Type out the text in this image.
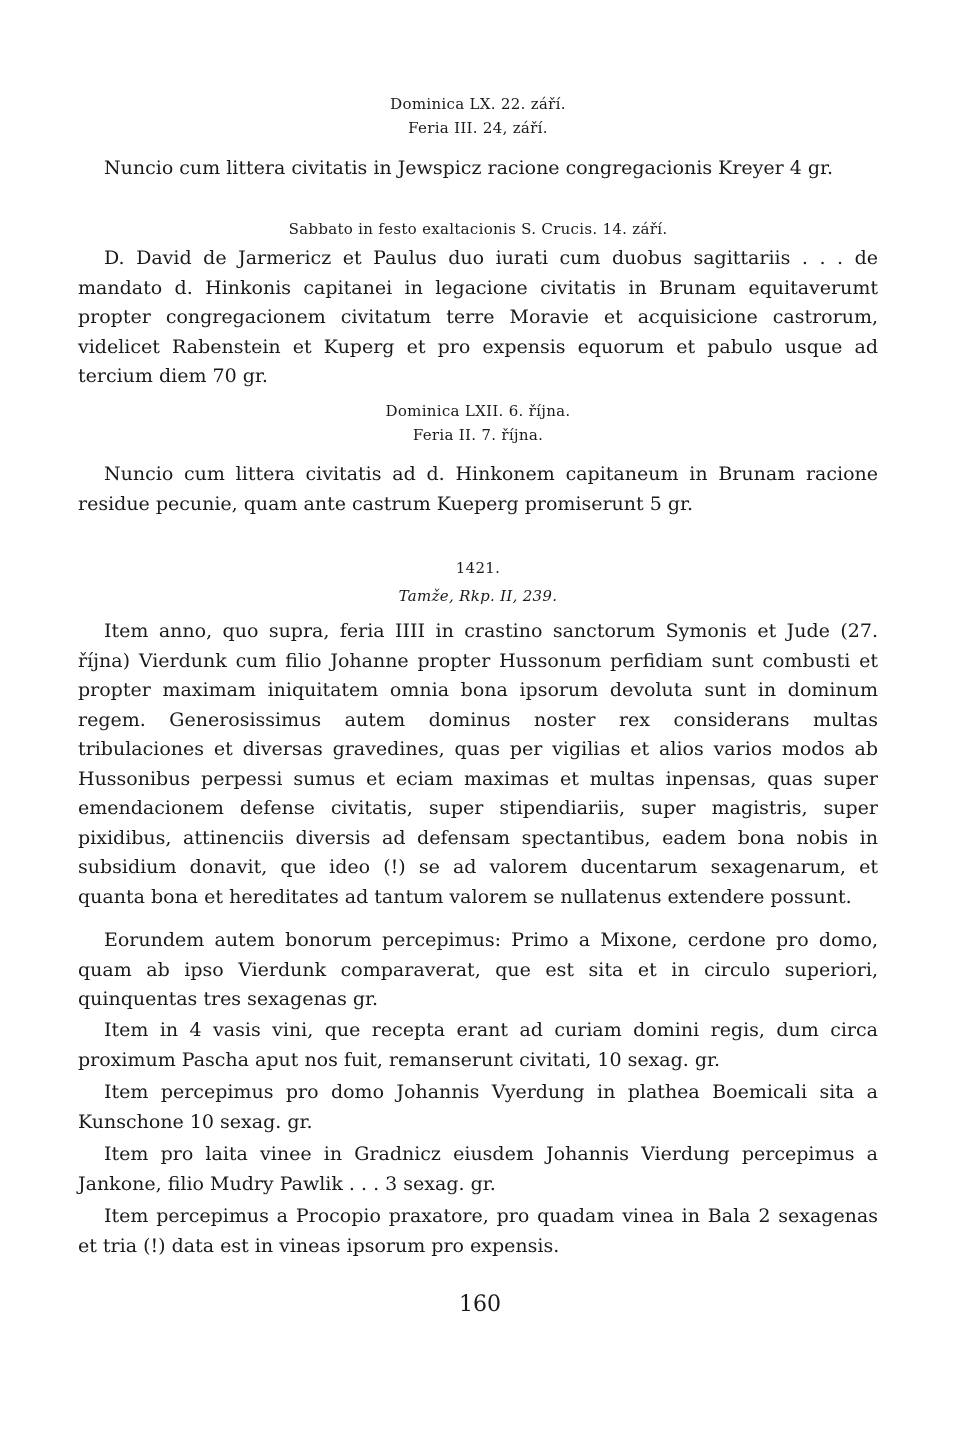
Dominica LX. 22. září.

Feria III. 24, září.

Nuncio cum littera civitatis in Jewspicz racione congregacionis Kreyer 4 gr.

Sabbato in festo exaltacionis S. Crucis. 14. září.

D. David de Jarmericz et Paulus duo iurati cum duobus sagittariis . . . de mandato d. Hinkonis capitanei in legacione civitatis in Brunam equitaverumt propter congregacionem civitatum terre Moravie et acquisicione castrorum, videlicet Rabenstein et Kuperg et pro expensis equorum et pabulo usque ad tercium diem 70 gr.

Dominica LXII. 6. října.

Feria II. 7. října.

Nuncio cum littera civitatis ad d. Hinkonem capitaneum in Brunam racione residue pecunie, quam ante castrum Kueperg promiserunt 5 gr.

1421.

Tamže, Rkp. II, 239.

Item anno, quo supra, feria IIII in crastino sanctorum Symonis et Jude (27. října) Vierdunk cum filio Johanne propter Hussonum perfidiam sunt combusti et propter maximam iniquitatem omnia bona ipsorum devoluta sunt in dominum regem. Generosissimus autem dominus noster rex considerans multas tribulaciones et diversas gravedines, quas per vigilias et alios varios modos ab Hussonibus perpessi sumus et eciam maximas et multas inpensas, quas super emendacionem defense civitatis, super stipendiariis, super magistris, super pixidibus, attinenciis diversis ad defensam spectantibus, eadem bona nobis in subsidium donavit, que ideo (!) se ad valorem ducentarum sexagenarum, et quanta bona et hereditates ad tantum valorem se nullatenus extendere possunt.

Eorundem autem bonorum percepimus: Primo a Mixone, cerdone pro domo, quam ab ipso Vierdunk comparaverat, que est sita et in circulo superiori, quinquentas tres sexagenas gr.

Item in 4 vasis vini, que recepta erant ad curiam domini regis, dum circa proximum Pascha aput nos fuit, remanserunt civitati, 10 sexag. gr.

Item percepimus pro domo Johannis Vyerdung in plathea Boemicali sita a Kunschone 10 sexag. gr.

Item pro laita vinee in Gradnicz eiusdem Johannis Vierdung percepimus a Jankone, filio Mudry Pawlik . . . 3 sexag. gr.

Item percepimus a Procopio praxatore, pro quadam vinea in Bala 2 sexagenas et tria (!) data est in vineas ipsorum pro expensis.

160
